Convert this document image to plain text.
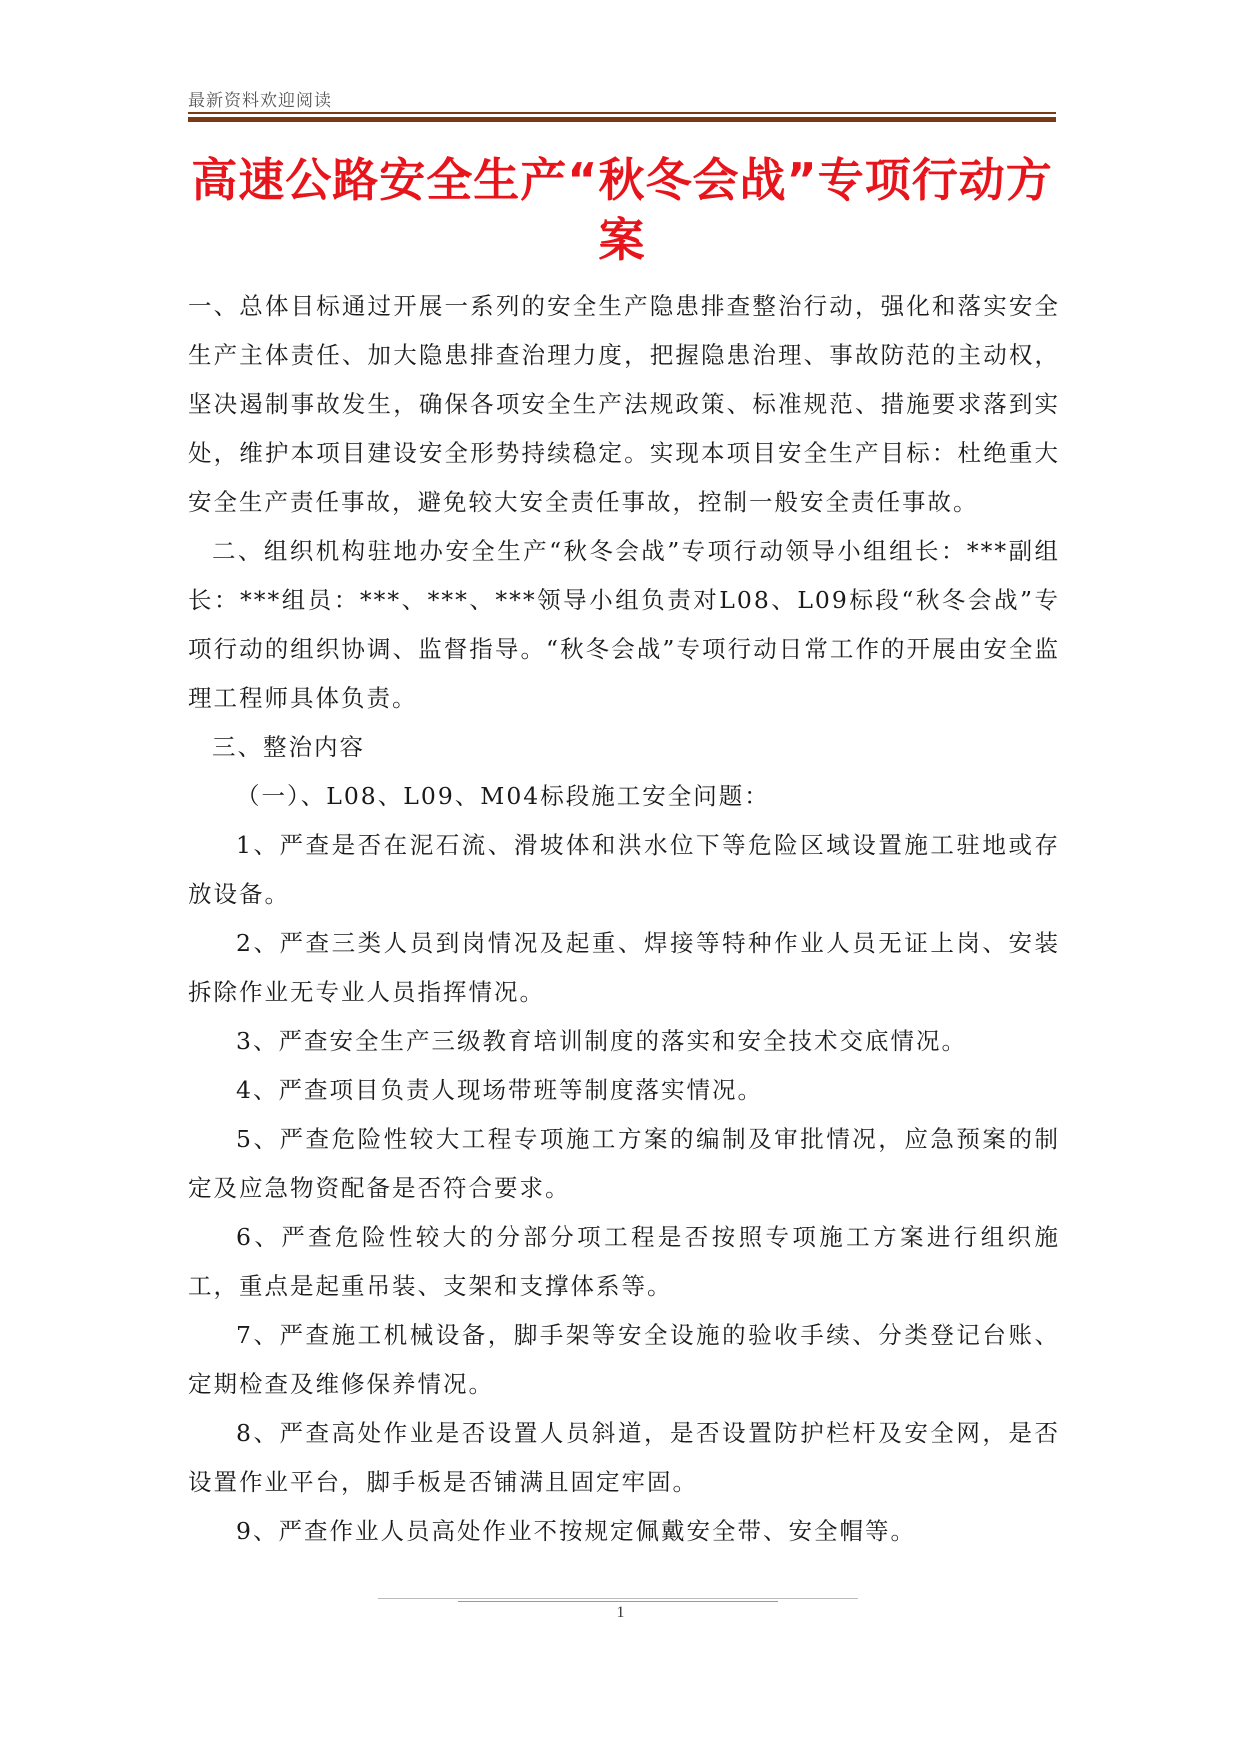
最新资料欢迎阅读
高速公路安全生产“秋冬会战”专项行动方案

一、总体目标通过开展一系列的安全生产隐患排查整治行动，强化和落实安全生产主体责任、加大隐患排查治理力度，把握隐患治理、事故防范的主动权，坚决遏制事故发生，确保各项安全生产法规政策、标准规范、措施要求落到实处，维护本项目建设安全形势持续稳定。实现本项目安全生产目标：杜绝重大安全生产责任事故，避免较大安全责任事故，控制一般安全责任事故。

二、组织机构驻地办安全生产“秋冬会战”专项行动领导小组组长：***副组长：***组员：***、***、***领导小组负责对L08、L09标段“秋冬会战”专项行动的组织协调、监督指导。“秋冬会战”专项行动日常工作的开展由安全监理工程师具体负责。

三、整治内容

（一）、L08、L09、M04标段施工安全问题：

1、严查是否在泥石流、滑坡体和洪水位下等危险区域设置施工驻地或存放设备。

2、严查三类人员到岗情况及起重、焊接等特种作业人员无证上岗、安装拆除作业无专业人员指挥情况。

3、严查安全生产三级教育培训制度的落实和安全技术交底情况。

4、严查项目负责人现场带班等制度落实情况。

5、严查危险性较大工程专项施工方案的编制及审批情况，应急预案的制定及应急物资配备是否符合要求。

6、严查危险性较大的分部分项工程是否按照专项施工方案进行组织施工，重点是起重吊装、支架和支撑体系等。

7、严查施工机械设备，脚手架等安全设施的验收手续、分类登记台账、定期检查及维修保养情况。

8、严查高处作业是否设置人员斜道，是否设置防护栏杆及安全网，是否设置作业平台，脚手板是否铺满且固定牢固。

9、严查作业人员高处作业不按规定佩戴安全带、安全帽等。

1
